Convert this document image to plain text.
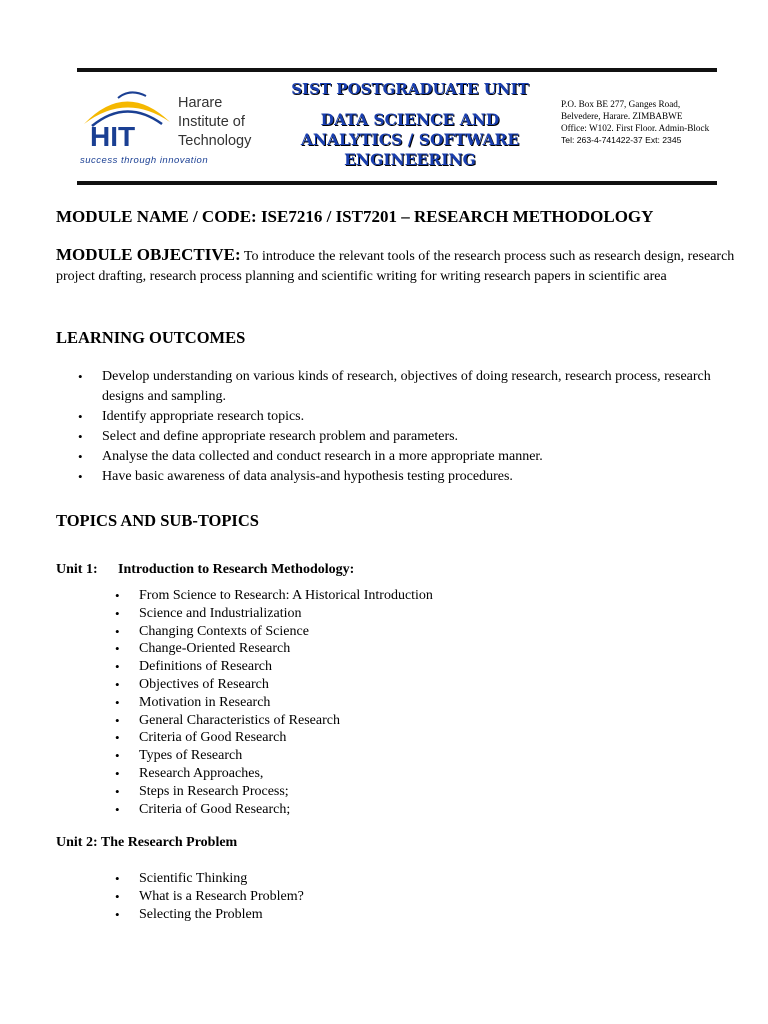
HIT
Harare
Institute of
Technology
success through innovation
SIST POSTGRADUATE UNIT
DATA SCIENCE AND
ANALYTICS / SOFTWARE
ENGINEERING
P.O. Box BE 277, Ganges Road,
Belvedere, Harare. ZIMBABWE
Office: W102. First Floor. Admin-Block
Tel: 263-4-741422-37 Ext: 2345
MODULE NAME / CODE: ISE7216 / IST7201 – RESEARCH METHODOLOGY
MODULE OBJECTIVE: To introduce the relevant tools of the research process such as research design, research project drafting, research process planning and scientific writing for writing research papers in scientific area
LEARNING OUTCOMES
• Develop understanding on various kinds of research, objectives of doing research, research process, research designs and sampling.
• Identify appropriate research topics.
• Select and define appropriate research problem and parameters.
• Analyse the data collected and conduct research in a more appropriate manner.
• Have basic awareness of data analysis-and hypothesis testing procedures.
TOPICS AND SUB-TOPICS
Unit 1: Introduction to Research Methodology:
• From Science to Research: A Historical Introduction
• Science and Industrialization
• Changing Contexts of Science
• Change-Oriented Research
• Definitions of Research
• Objectives of Research
• Motivation in Research
• General Characteristics of Research
• Criteria of Good Research
• Types of Research
• Research Approaches,
• Steps in Research Process;
• Criteria of Good Research;
Unit 2: The Research Problem
• Scientific Thinking
• What is a Research Problem?
• Selecting the Problem
